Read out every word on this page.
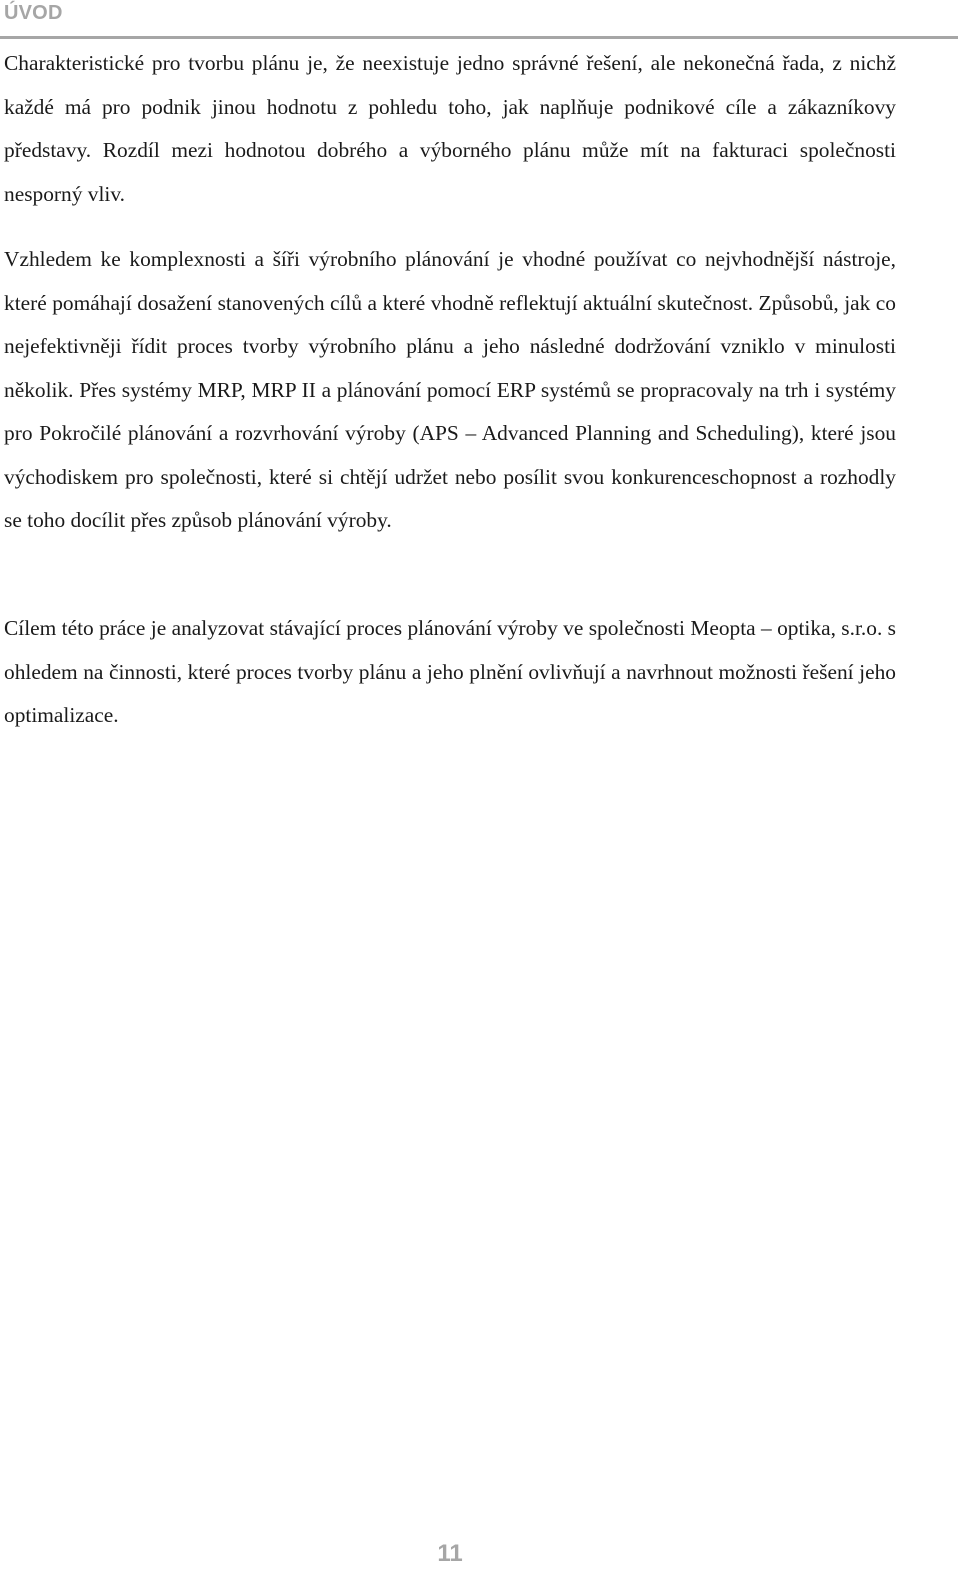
ÚVOD

Charakteristické pro tvorbu plánu je, že neexistuje jedno správné řešení, ale nekonečná řada, z nichž každé má pro podnik jinou hodnotu z pohledu toho, jak naplňuje podnikové cíle a zákazníkovy představy. Rozdíl mezi hodnotou dobrého a výborného plánu může mít na fakturaci společnosti nesporný vliv.

Vzhledem ke komplexnosti a šíři výrobního plánování je vhodné používat co nejvhodnější nástroje, které pomáhají dosažení stanovených cílů a které vhodně reflektují aktuální skutečnost. Způsobů, jak co nejefektivněji řídit proces tvorby výrobního plánu a jeho následné dodržování vzniklo v minulosti několik. Přes systémy MRP, MRP II a plánování pomocí ERP systémů se propracovaly na trh i systémy pro Pokročilé plánování a rozvrhování výroby (APS – Advanced Planning and Scheduling), které jsou východiskem pro společnosti, které si chtějí udržet nebo posílit svou konkurenceschopnost a rozhodly se toho docílit přes způsob plánování výroby.

Cílem této práce je analyzovat stávající proces plánování výroby ve společnosti Meopta – optika, s.r.o. s ohledem na činnosti, které proces tvorby plánu a jeho plnění ovlivňují a navrhnout možnosti řešení jeho optimalizace.

11
